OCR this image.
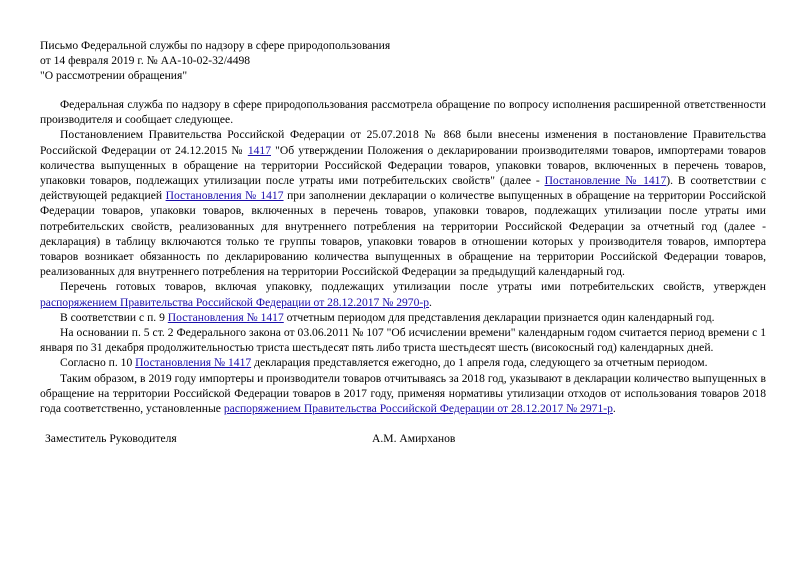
Письмо Федеральной службы по надзору в сфере природопользования

от 14 февраля 2019 г. № АА-10-02-32/4498

"О рассмотрении обращения"

Федеральная служба по надзору в сфере природопользования рассмотрела обращение по вопросу исполнения расширенной ответственности производителя и сообщает следующее.

Постановлением Правительства Российской Федерации от 25.07.2018 № 868 были внесены изменения в постановление Правительства Российской Федерации от 24.12.2015 № 1417 "Об утверждении Положения о декларировании производителями товаров, импортерами товаров количества выпущенных в обращение на территории Российской Федерации товаров, упаковки товаров, включенных в перечень товаров, упаковки товаров, подлежащих утилизации после утраты ими потребительских свойств" (далее - Постановление № 1417). В соответствии с действующей редакцией Постановления № 1417 при заполнении декларации о количестве выпущенных в обращение на территории Российской Федерации товаров, упаковки товаров, включенных в перечень товаров, упаковки товаров, подлежащих утилизации после утраты ими потребительских свойств, реализованных для внутреннего потребления на территории Российской Федерации за отчетный год (далее - декларация) в таблицу включаются только те группы товаров, упаковки товаров в отношении которых у производителя товаров, импортера товаров возникает обязанность по декларированию количества выпущенных в обращение на территории Российской Федерации товаров, реализованных для внутреннего потребления на территории Российской Федерации за предыдущий календарный год.

Перечень готовых товаров, включая упаковку, подлежащих утилизации после утраты ими потребительских свойств, утвержден распоряжением Правительства Российской Федерации от 28.12.2017 № 2970-р.

В соответствии с п. 9 Постановления № 1417 отчетным периодом для представления декларации признается один календарный год.

На основании п. 5 ст. 2 Федерального закона от 03.06.2011 № 107 "Об исчислении времени" календарным годом считается период времени с 1 января по 31 декабря продолжительностью триста шестьдесят пять либо триста шестьдесят шесть (високосный год) календарных дней.

Согласно п. 10 Постановления № 1417 декларация представляется ежегодно, до 1 апреля года, следующего за отчетным периодом.

Таким образом, в 2019 году импортеры и производители товаров отчитываясь за 2018 год, указывают в декларации количество выпущенных в обращение на территории Российской Федерации товаров в 2017 году, применяя нормативы утилизации отходов от использования товаров 2018 года соответственно, установленные распоряжением Правительства Российской Федерации от 28.12.2017 № 2971-р.

Заместитель Руководителя	А.М. Амирханов
